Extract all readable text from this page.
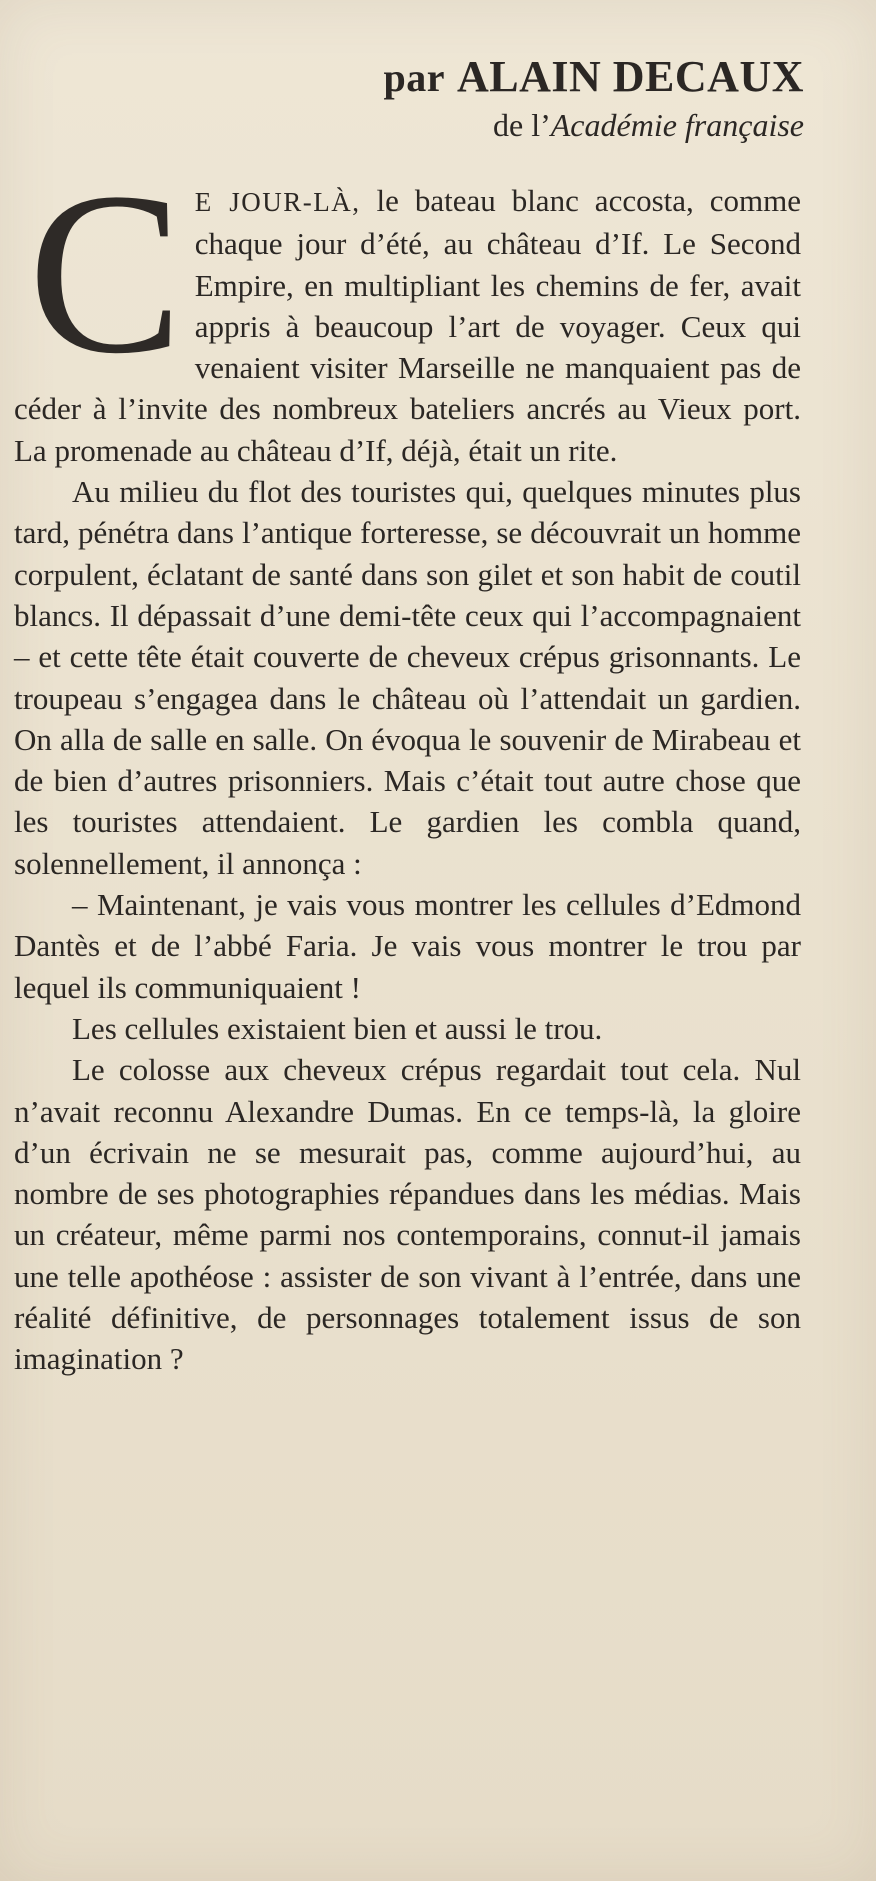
par ALAIN DECAUX
de l’Académie française

C E JOUR-LÀ, le bateau blanc accosta, comme chaque jour d’été, au château d’If. Le Second Empire, en multipliant les chemins de fer, avait appris à beaucoup l’art de voyager. Ceux qui venaient visiter Marseille ne manquaient pas de céder à l’invite des nombreux bateliers ancrés au Vieux port. La promenade au château d’If, déjà, était un rite.

Au milieu du flot des touristes qui, quelques minutes plus tard, pénétra dans l’antique forteresse, se découvrait un homme corpulent, éclatant de santé dans son gilet et son habit de coutil blancs. Il dépassait d’une demi-tête ceux qui l’accompagnaient – et cette tête était couverte de cheveux crépus grisonnants. Le troupeau s’engagea dans le château où l’attendait un gardien. On alla de salle en salle. On évoqua le souvenir de Mirabeau et de bien d’autres prisonniers. Mais c’était tout autre chose que les touristes attendaient. Le gardien les combla quand, solennellement, il annonça :

– Maintenant, je vais vous montrer les cellules d’Edmond Dantès et de l’abbé Faria. Je vais vous montrer le trou par lequel ils communiquaient !

Les cellules existaient bien et aussi le trou.

Le colosse aux cheveux crépus regardait tout cela. Nul n’avait reconnu Alexandre Dumas. En ce temps-là, la gloire d’un écrivain ne se mesurait pas, comme aujourd’hui, au nombre de ses photographies répandues dans les médias. Mais un créateur, même parmi nos contemporains, connut-il jamais une telle apothéose : assister de son vivant à l’entrée, dans une réalité définitive, de personnages totalement issus de son imagination ?
